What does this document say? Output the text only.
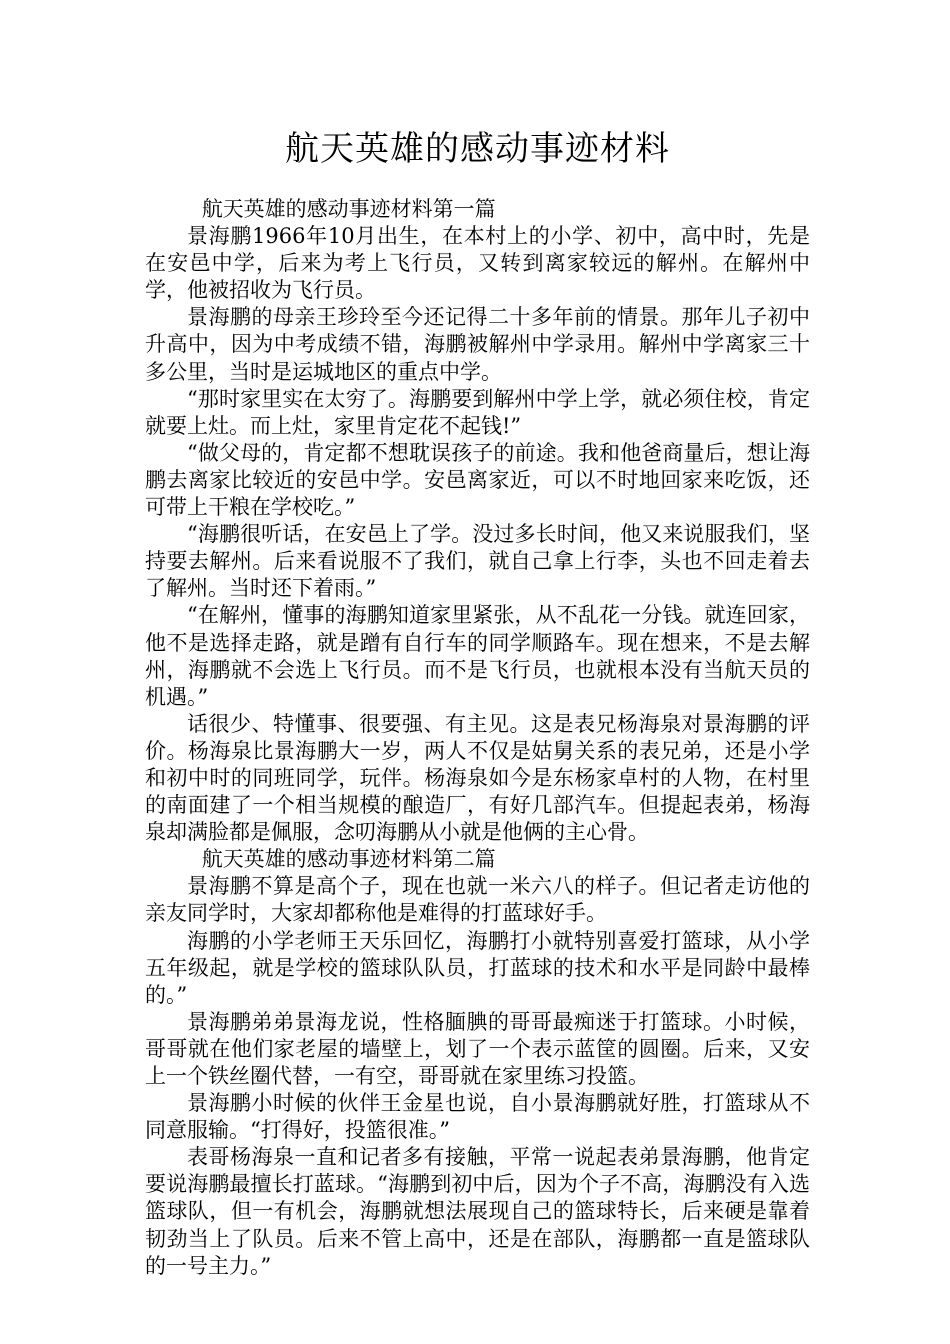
航天英雄的感动事迹材料

航天英雄的感动事迹材料第一篇

景海鹏1966年10月出生，在本村上的小学、初中，高中时，先是在安邑中学，后来为考上飞行员，又转到离家较远的解州。在解州中学，他被招收为飞行员。

景海鹏的母亲王珍玲至今还记得二十多年前的情景。那年儿子初中升高中，因为中考成绩不错，海鹏被解州中学录用。解州中学离家三十多公里，当时是运城地区的重点中学。

“那时家里实在太穷了。海鹏要到解州中学上学，就必须住校，肯定就要上灶。而上灶，家里肯定花不起钱!”

“做父母的，肯定都不想耽误孩子的前途。我和他爸商量后，想让海鹏去离家比较近的安邑中学。安邑离家近，可以不时地回家来吃饭，还可带上干粮在学校吃。”

“海鹏很听话，在安邑上了学。没过多长时间，他又来说服我们，坚持要去解州。后来看说服不了我们，就自己拿上行李，头也不回走着去了解州。当时还下着雨。”

“在解州，懂事的海鹏知道家里紧张，从不乱花一分钱。就连回家，他不是选择走路，就是蹭有自行车的同学顺路车。现在想来，不是去解州，海鹏就不会选上飞行员。而不是飞行员，也就根本没有当航天员的机遇。”

话很少、特懂事、很要强、有主见。这是表兄杨海泉对景海鹏的评价。杨海泉比景海鹏大一岁，两人不仅是姑舅关系的表兄弟，还是小学和初中时的同班同学，玩伴。杨海泉如今是东杨家卓村的人物，在村里的南面建了一个相当规模的酿造厂，有好几部汽车。但提起表弟，杨海泉却满脸都是佩服，念叨海鹏从小就是他俩的主心骨。

航天英雄的感动事迹材料第二篇

景海鹏不算是高个子，现在也就一米六八的样子。但记者走访他的亲友同学时，大家却都称他是难得的打蓝球好手。

海鹏的小学老师王天乐回忆，海鹏打小就特别喜爱打篮球，从小学五年级起，就是学校的篮球队队员，打蓝球的技术和水平是同龄中最棒的。”

景海鹏弟弟景海龙说，性格腼腆的哥哥最痴迷于打篮球。小时候，哥哥就在他们家老屋的墙壁上，划了一个表示蓝筐的圆圈。后来，又安上一个铁丝圈代替，一有空，哥哥就在家里练习投篮。

景海鹏小时候的伙伴王金星也说，自小景海鹏就好胜，打篮球从不同意服输。“打得好，投篮很准。”

表哥杨海泉一直和记者多有接触，平常一说起表弟景海鹏，他肯定要说海鹏最擅长打蓝球。“海鹏到初中后，因为个子不高，海鹏没有入选篮球队，但一有机会，海鹏就想法展现自己的篮球特长，后来硬是靠着韧劲当上了队员。后来不管上高中，还是在部队，海鹏都一直是篮球队的一号主力。”
